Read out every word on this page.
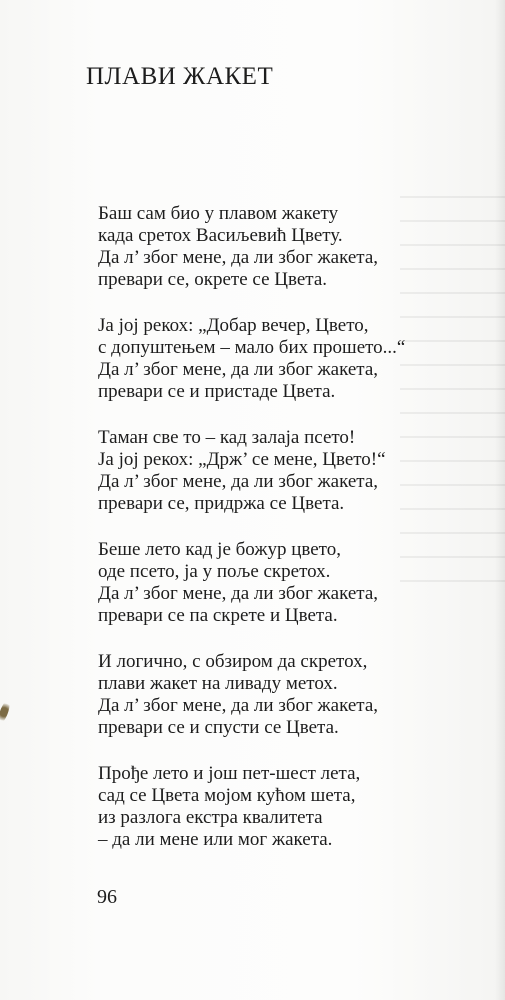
ПЛАВИ ЖАКЕТ
Баш сам био у плавом жакету
када сретох Васиљевић Цвету.
Да л’ због мене, да ли због жакета,
превари се, окрете се Цвета.
Ја јој рекох: „Добар вечер, Цвето,
с допуштењем – мало бих прошето...“
Да л’ због мене, да ли због жакета,
превари се и пристаде Цвета.
Таман све то – кад залаја псето!
Ја јој рекох: „Држ’ се мене, Цвето!“
Да л’ због мене, да ли због жакета,
превари се, придржа се Цвета.
Беше лето кад је божур цвето,
оде псето, ја у поље скретох.
Да л’ због мене, да ли због жакета,
превари се па скрете и Цвета.
И логично, с обзиром да скретох,
плави жакет на ливаду метох.
Да л’ због мене, да ли због жакета,
превари се и спусти се Цвета.
Прође лето и још пет-шест лета,
сад се Цвета мојом кућом шета,
из разлога екстра квалитета
– да ли мене или мог жакета.
96
